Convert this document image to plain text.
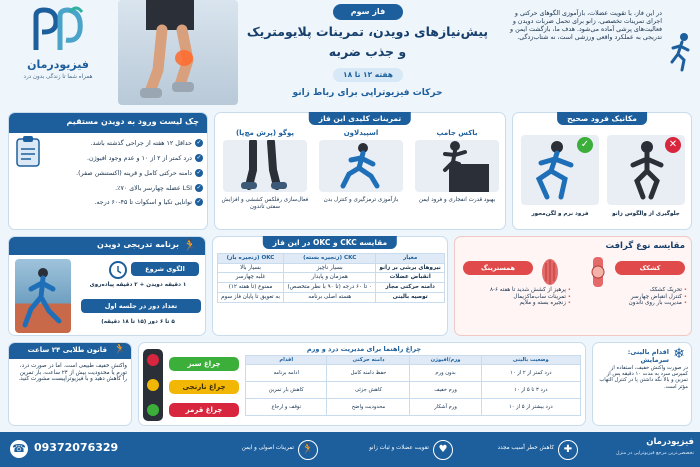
فیزیودرمان
همراه شما تا زندگی بدون درد
فاز سوم
پیش‌نیازهای دویدن، تمرینات پلایومتریک
و جذب ضربه
هفته ۱۲ تا ۱۸
حرکات فیزیوتراپی برای رباط زانو
در این فاز، با تقویت عضلات، بازآموزی الگوهای حرکتی و اجرای تمرینات تخصصی، زانو برای تحمل ضربات دویدن و فعالیت‌های پرشی آماده می‌شود. هدف ما، بازگشت ایمن و تدریجی به عملکرد واقعی ورزشی است، نه شتاب‌زدگی.
چک لیست ورود به دویدن مستقیم
✓حداقل ۱۲ هفته از جراحی گذشته باشد.
✓درد کمتر از ۲ از ۱۰ و عدم وجود افیوژن.
✓دامنه حرکتی کامل و قرینه (اکستنشن صفر).
✓LSI عضله چهارسر بالای ۷۰٪.
✓توانایی تکیا و اسکوات تا ۴۵-۶۰ درجه.
تمرینات کلیدی این فاز
پوگو (پرش‌ مچ‌پا)
فعال‌سازی رفلکس کششی و افزایش سفتی تاندون
اسپیدلاون
بازآموزی ترمزگیری و کنترل بدن
باکس جامپ
بهبود قدرت انفجاری و فرود ایمن
مکانیک فرود صحیح
✓	✕
فرود نرم و لگن‌محور	جلوگیری از والگوس زانو
برنامه تدریجی دویدن 🏃
الگوی شروع
۱ دقیقه دویدن + ۲ دقیقه پیاده‌روی
تعداد دور در جلسه اول
۵ تا ۶ دور (۱۵ تا ۱۸ دقیقه)
مقایسه CKC و OKC در این فاز
معیار	CKC (زنجیره بسته)	OKC (زنجیره باز)
نیروهای برشی بر زانو	بسیار ناچیز	بسیار بالا
انقباض عضلات	همزمان و پایدار	غلبه چهارسر
دامنه حرکتی مجاز	۰ تا ۶۰ درجه (تا ۹۰ با نظر متخصص)	ممنوع (تا هفته ۱۲)
توصیه بالینی	هسته اصلی برنامه	به تعویق تا پایان فاز سوم
مقایسه نوع گرافت
همسترینگ
• پرهیز از کشش شدید تا هفته ۶-۸
• تمرینات ساب‌ماکزیمال
• زنجیره بسته و ملایم
کشکک
• تحریک کشکک
• کنترل انقباض چهارسر
• مدیریت بار روی تاندون
قانون طلایی ۲۴ ساعت 🏃
واکنش خفیف طبیعی است. اما در صورت درد، تورم یا محدودیت بیش از ۲۴ ساعت، بار تمرین را کاهش دهید و با فیزیوتراپیست مشورت کنید.
چراغ راهنما برای مدیریت درد و ورم
چراغ سبز
چراغ نارنجی
چراغ قرمز
وضعیت بالینی	ورم/افیوژن	دامنه حرکتی	اقدام
درد کمتر از ۲ از ۱۰	بدون ورم	حفظ دامنه کامل	ادامه برنامه
درد ۳ تا ۵ از ۱۰	ورم خفیف	کاهش جزئی	کاهش بار تمرین
درد بیشتر از ۵ از ۱۰	ورم آشکار	محدودیت واضح	توقف و ارجاع
❄
اقدام بالینی: سرمایش
در صورت واکنش خفیف، استفاده از کمپرس سرد به مدت ۱۰ دقیقه پس از تمرین و بالا نگه داشتن پا در کنترل التهاب مؤثر است.
09372076329
☎	🏃
تمرینات اصولی و ایمن	♥
تقویت عضلات و ثبات زانو	✚
کاهش خطر آسیب مجدد
فیزیودرمان
تخصصی‌ترین مرجع فیزیوتراپی در منزل
